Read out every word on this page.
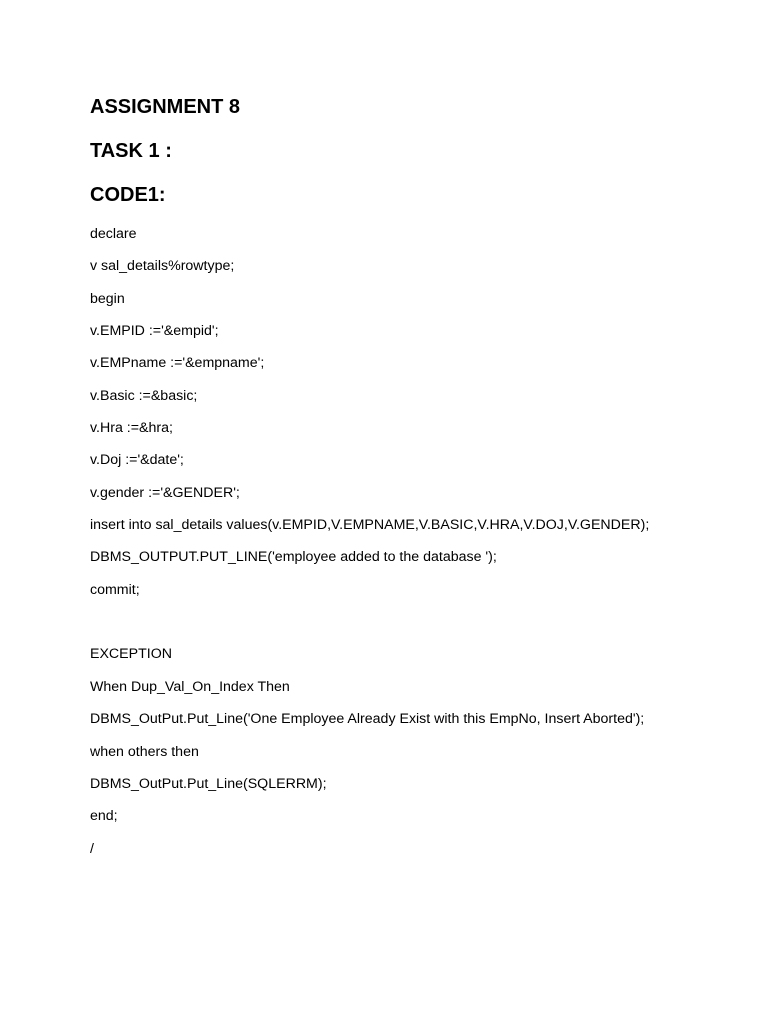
ASSIGNMENT 8
TASK 1 :
CODE1:
declare
v sal_details%rowtype;
begin
v.EMPID :='&empid';
v.EMPname :='&empname';
v.Basic :=&basic;
v.Hra :=&hra;
v.Doj :='&date';
v.gender :='&GENDER';
insert into sal_details values(v.EMPID,V.EMPNAME,V.BASIC,V.HRA,V.DOJ,V.GENDER);
DBMS_OUTPUT.PUT_LINE('employee added to the database ');
commit;
EXCEPTION
When Dup_Val_On_Index Then
DBMS_OutPut.Put_Line('One Employee Already Exist with this EmpNo, Insert Aborted');
when others then
DBMS_OutPut.Put_Line(SQLERRM);
end;
/
